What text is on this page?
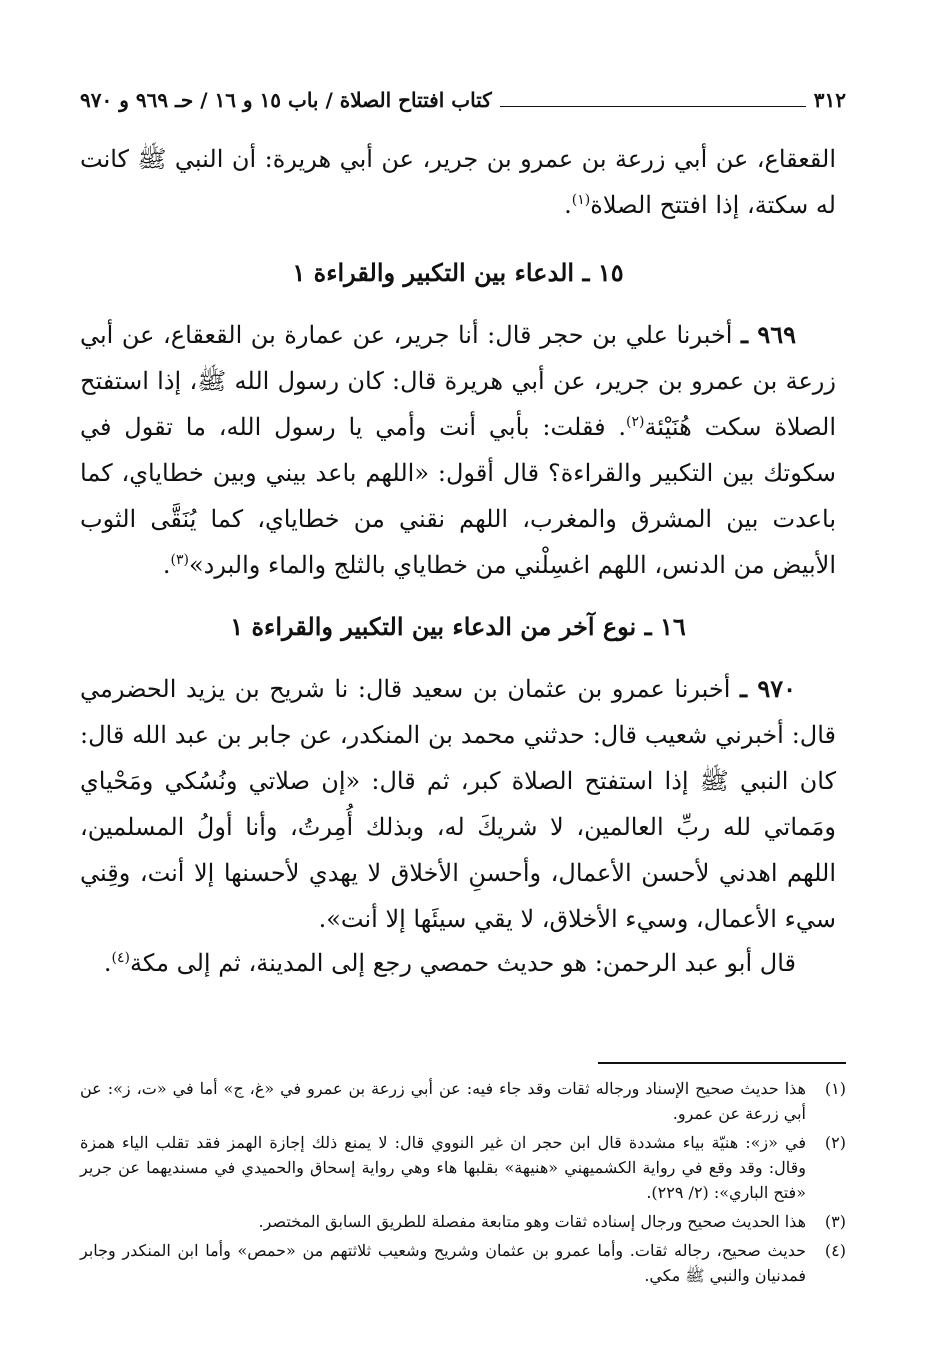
٣١٢
كتاب افتتاح الصلاة / باب ١٥ و ١٦ / حـ ٩٦٩ و ٩٧٠

القعقاع، عن أبي زرعة بن عمرو بن جرير، عن أبي هريرة: أن النبي ﷺ كانت له سكتة، إذا افتتح الصلاة$^{(١)}$.

١٥ ـ الدعاء بين التكبير والقراءة ١

٩٦٩ ـ أخبرنا علي بن حجر قال: أنا جرير، عن عمارة بن القعقاع، عن أبي زرعة بن عمرو بن جرير، عن أبي هريرة قال: كان رسول الله ﷺ، إذا استفتح الصلاة سكت هُنَيْئة$^{(٢)}$. فقلت: بأبي أنت وأمي يا رسول الله، ما تقول في سكوتك بين التكبير والقراءة؟ قال أقول: «اللهم باعد بيني وبين خطاياي، كما باعدت بين المشرق والمغرب، اللهم نقني من خطاياي، كما يُنَقَّى الثوب الأبيض من الدنس، اللهم اغسِلْني من خطاياي بالثلج والماء والبرد»$^{(٣)}$.

١٦ ـ نوع آخر من الدعاء بين التكبير والقراءة ١

٩٧٠ ـ أخبرنا عمرو بن عثمان بن سعيد قال: نا شريح بن يزيد الحضرمي قال: أخبرني شعيب قال: حدثني محمد بن المنكدر، عن جابر بن عبد الله قال: كان النبي ﷺ إذا استفتح الصلاة كبر، ثم قال: «إن صلاتي ونُسُكي ومَحْياي ومَماتي لله ربِّ العالمين، لا شريكَ له، وبذلك أُمِرتُ، وأنا أولُ المسلمين، اللهم اهدني لأحسن الأعمال، وأحسنِ الأخلاق لا يهدي لأحسنها إلا أنت، وقِني سيء الأعمال، وسيء الأخلاق، لا يقي سيئَها إلا أنت».

قال أبو عبد الرحمن: هو حديث حمصي رجع إلى المدينة، ثم إلى مكة$^{(٤)}$.

(١)
هذا حديث صحيح الإسناد ورجاله ثقات وقد جاء فيه: عن أبي زرعة بن عمرو في «غ، ج» أما في «ت، ز»: عن أبي زرعة عن عمرو.
(٢)
في «ز»: هنيّة بياء مشددة قال ابن حجر ان غير النووي قال: لا يمنع ذلك إجازة الهمز فقد تقلب الياء همزة وقال: وقد وقع في رواية الكشميهني «هنيهة» بقلبها هاء وهي رواية إسحاق والحميدي في مسنديهما عن جرير «فتح الباري»: (٢/ ٢٢٩).
(٣)
هذا الحديث صحيح ورجال إسناده ثقات وهو متابعة مفصلة للطريق السابق المختصر.
(٤)
حديث صحيح، رجاله ثقات. وأما عمرو بن عثمان وشريح وشعيب ثلاثتهم من «حمص» وأما ابن المنكدر وجابر فمدنيان والنبي ﷺ مكي.
